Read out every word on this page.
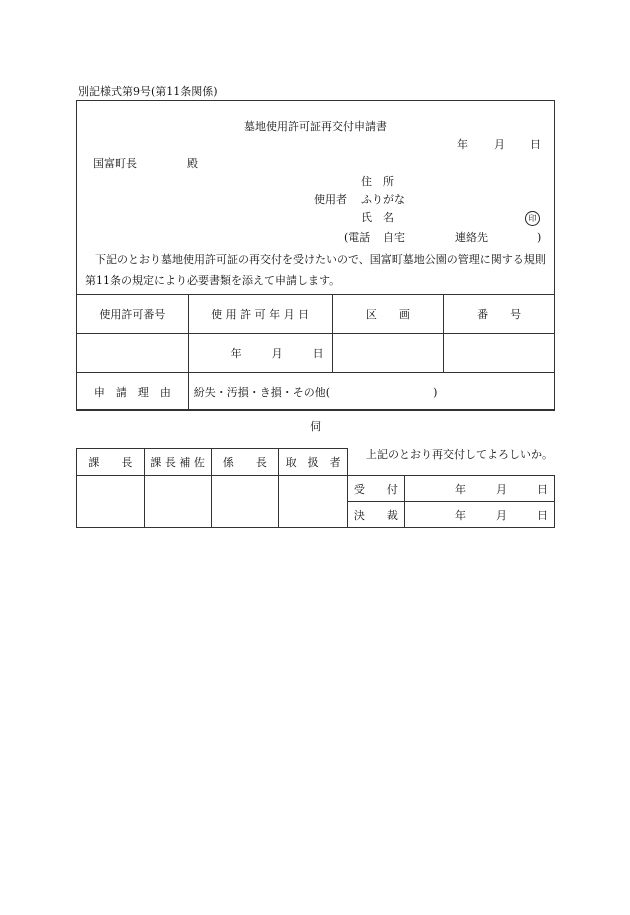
別記様式第9号(第11条関係)
墓地使用許可証再交付申請書
年 月 日
国富町長	殿
住　所
使用者 ふりがな
氏　名	印
(電話 自宅	連絡先	)
下記のとおり墓地使用許可証の再交付を受けたいので、国富町墓地公園の管理に関する規則第11条の規定により必要書類を添えて申請します。
使用許可番号	使 用 許 可 年 月 日	区　　画	番　　号
	年 月 日		
申　請　理　由	紛失・汚損・き損・その他( )		
伺
課　　長	課 長 補 佐	係　　長	取　扱　者

上記のとおり再交付してよろしいか。
受　　付	年 月 日
決　　裁	年 月 日
